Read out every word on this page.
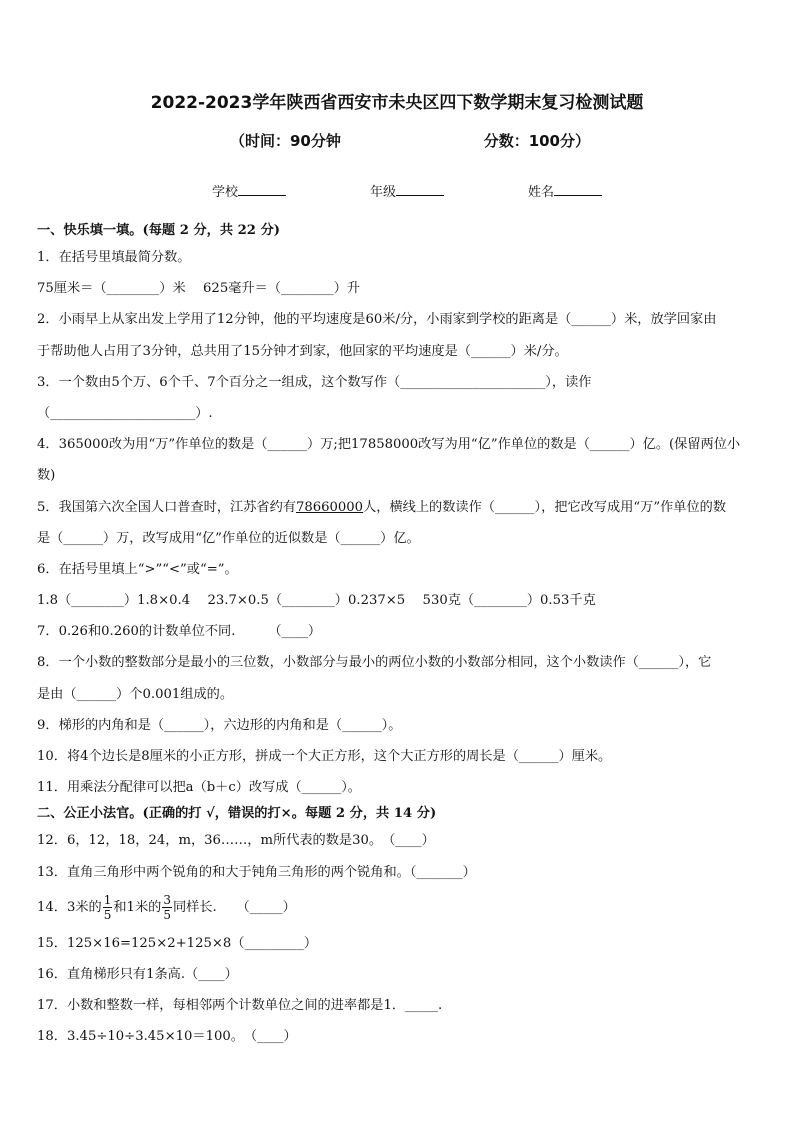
2022-2023学年陕西省西安市未央区四下数学期末复习检测试题
（时间：90分钟	分数：100分）
学校	年级	姓名
一、快乐填一填。(每题 2 分，共 22 分)
1．在括号里填最简分数。
75厘米＝（________）米　 625毫升＝（________）升
2．小雨早上从家出发上学用了12分钟，他的平均速度是60米/分，小雨家到学校的距离是（______）米，放学回家由
于帮助他人占用了3分钟，总共用了15分钟才到家，他回家的平均速度是（______）米/分。
3．一个数由5个万、6个千、7个百分之一组成，这个数写作（______________________），读作
（______________________）.
4．365000改为用“万”作单位的数是（______）万;把17858000改写为用“亿”作单位的数是（______）亿。(保留两位小
数)
5．我国第六次全国人口普查时，江苏省约有78660000人，横线上的数读作（______），把它改写成用“万”作单位的数
是（______）万，改写成用“亿”作单位的近似数是（______）亿。
6．在括号里填上“>”“<”或“=”。
1.8（________）1.8×0.4　 23.7×0.5（________）0.237×5　 530克（________）0.53千克
7．0.26和0.260的计数单位不同.　　　（____）
8．一个小数的整数部分是最小的三位数，小数部分与最小的两位小数的小数部分相同，这个小数读作（______），它
是由（______）个0.001组成的。
9．梯形的内角和是（______），六边形的内角和是（______）。
10．将4个边长是8厘米的小正方形，拼成一个大正方形，这个大正方形的周长是（______）厘米。
11．用乘法分配律可以把a（b＋c）改写成（______）。
二、公正小法官。(正确的打 √，错误的打×。每题 2 分，共 14 分)
12．6，12，18，24，m，36……，m所代表的数是30。　（____）
13．直角三角形中两个锐角的和大于钝角三角形的两个锐角和。（_______）
14．3米的 $\frac{1}{5}$ 和1米的 $\frac{3}{5}$ 同样长.　　（_____）
15．125×16=125×2+125×8（_________）
16．直角梯形只有1条高.（____）
17．小数和整数一样，每相邻两个计数单位之间的进率都是1．_____.
18．3.45÷10÷3.45×10＝100。　（____）
